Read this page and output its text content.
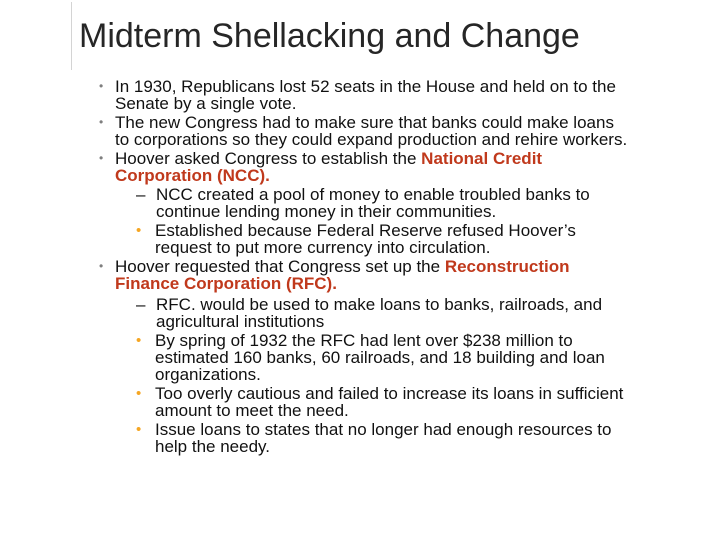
Midterm Shellacking and Change
• In 1930, Republicans lost 52 seats in the House and held on to the
Senate by a single vote.
• The new Congress had to make sure that banks could make loans
to corporations so they could expand production and rehire workers.
• Hoover asked Congress to establish the National Credit
Corporation (NCC).
– NCC created a pool of money to enable troubled banks to
continue lending money in their communities.
• Established because Federal Reserve refused Hoover’s
request to put more currency into circulation.
• Hoover requested that Congress set up the Reconstruction
Finance Corporation (RFC).
– RFC. would be used to make loans to banks, railroads, and
agricultural institutions
• By spring of 1932 the RFC had lent over $238 million to
estimated 160 banks, 60 railroads, and 18 building and loan
organizations.
• Too overly cautious and failed to increase its loans in sufficient
amount to meet the need.
• Issue loans to states that no longer had enough resources to
help the needy.
